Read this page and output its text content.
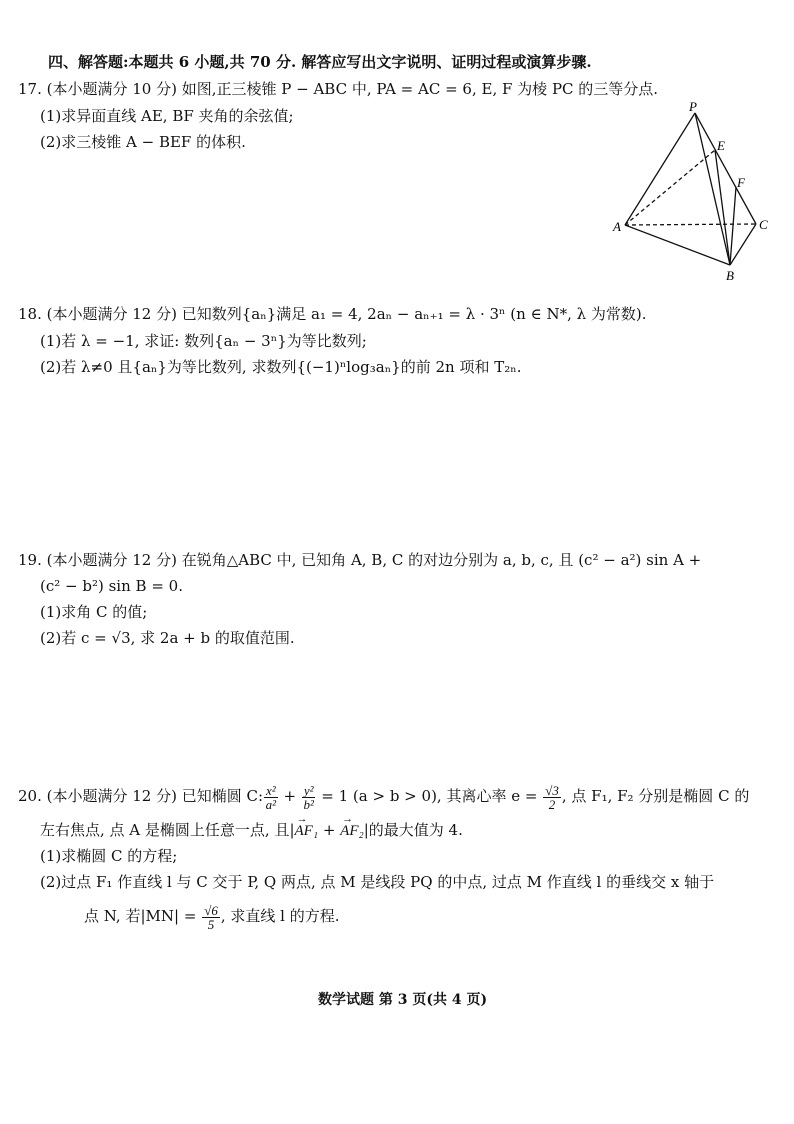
四、解答题:本题共 6 小题,共 70 分. 解答应写出文字说明、证明过程或演算步骤.
17. (本小题满分 10 分) 如图,正三棱锥 P − ABC 中, PA = AC = 6, E, F 为棱 PC 的三等分点.
(1)求异面直线 AE, BF 夹角的余弦值;
(2)求三棱锥 A − BEF 的体积.
P
E
F
A	C
B
18. (本小题满分 12 分) 已知数列{aₙ}满足 a₁ = 4, 2aₙ − aₙ₊₁ = λ · 3ⁿ (n ∈ N*, λ 为常数).
(1)若 λ = −1, 求证: 数列{aₙ − 3ⁿ}为等比数列;
(2)若 λ≠0 且{aₙ}为等比数列, 求数列{(−1)ⁿlog₃aₙ}的前 2n 项和 T₂ₙ.
19. (本小题满分 12 分) 在锐角△ABC 中, 已知角 A, B, C 的对边分别为 a, b, c, 且 (c² − a²) sin A +
(c² − b²) sin B = 0.
(1)求角 C 的值;
(2)若 c = √3, 求 2a + b 的取值范围.
20. (本小题满分 12 分) 已知椭圆 C: $\frac{\text{x²}}{\text{a²}} + \frac{\text{y²}}{\text{b²}} = 1$ (a > b > 0), 其离心率 $e = \frac{√3}{2}$ , 点 F₁, F₂ 分别是椭圆 C 的
左右焦点, 点 A 是椭圆上任意一点, 且|→ AF₁ + → AF₂|的最大值为 4.
(1)求椭圆 C 的方程;
(2)过点 F₁ 作直线 l 与 C 交于 P, Q 两点, 点 M 是线段 PQ 的中点, 过点 M 作直线 l 的垂线交 x 轴于
点 N, 若$|MN| = \frac{√6}{5}$ , 求直线 l 的方程.
数学试题 第 3 页(共 4 页)
